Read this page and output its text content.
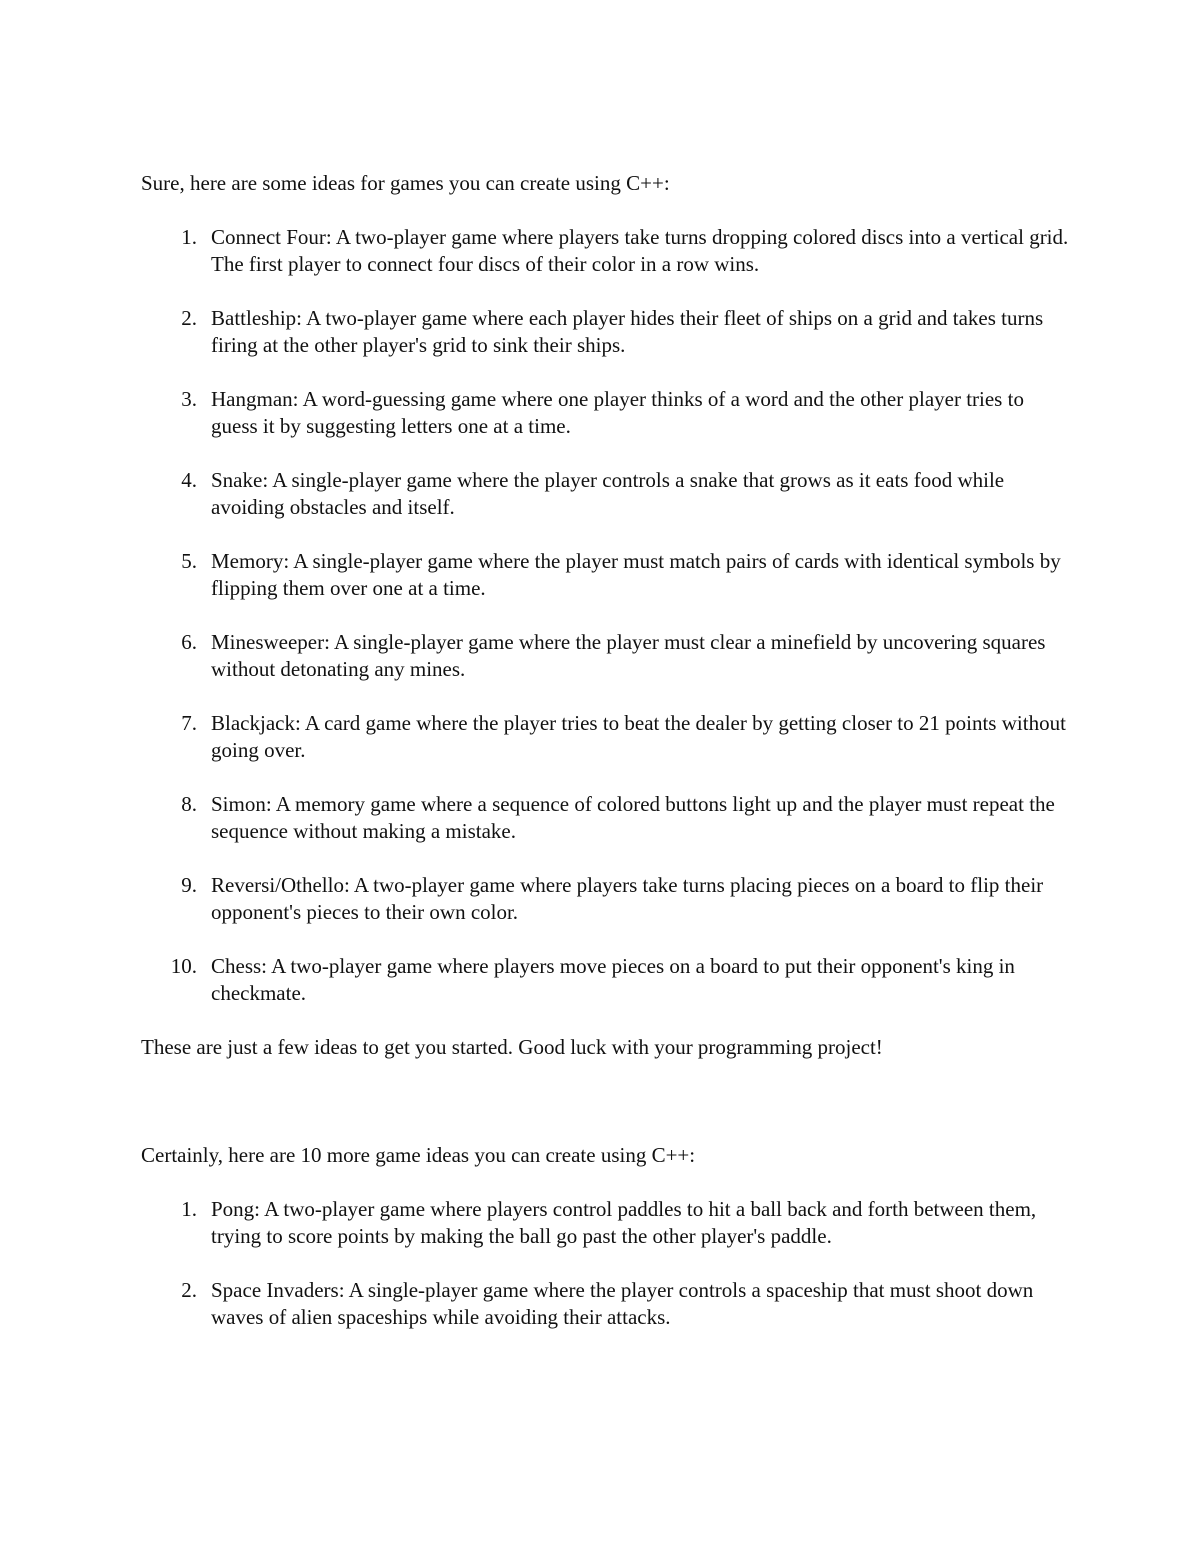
Sure, here are some ideas for games you can create using C++:

1. Connect Four: A two-player game where players take turns dropping colored discs into a vertical grid. The first player to connect four discs of their color in a row wins.
2. Battleship: A two-player game where each player hides their fleet of ships on a grid and takes turns firing at the other player's grid to sink their ships.
3. Hangman: A word-guessing game where one player thinks of a word and the other player tries to guess it by suggesting letters one at a time.
4. Snake: A single-player game where the player controls a snake that grows as it eats food while avoiding obstacles and itself.
5. Memory: A single-player game where the player must match pairs of cards with identical symbols by flipping them over one at a time.
6. Minesweeper: A single-player game where the player must clear a minefield by uncovering squares without detonating any mines.
7. Blackjack: A card game where the player tries to beat the dealer by getting closer to 21 points without going over.
8. Simon: A memory game where a sequence of colored buttons light up and the player must repeat the sequence without making a mistake.
9. Reversi/Othello: A two-player game where players take turns placing pieces on a board to flip their opponent's pieces to their own color.
10. Chess: A two-player game where players move pieces on a board to put their opponent's king in checkmate.

These are just a few ideas to get you started. Good luck with your programming project!

Certainly, here are 10 more game ideas you can create using C++:

1. Pong: A two-player game where players control paddles to hit a ball back and forth between them, trying to score points by making the ball go past the other player's paddle.
2. Space Invaders: A single-player game where the player controls a spaceship that must shoot down waves of alien spaceships while avoiding their attacks.
